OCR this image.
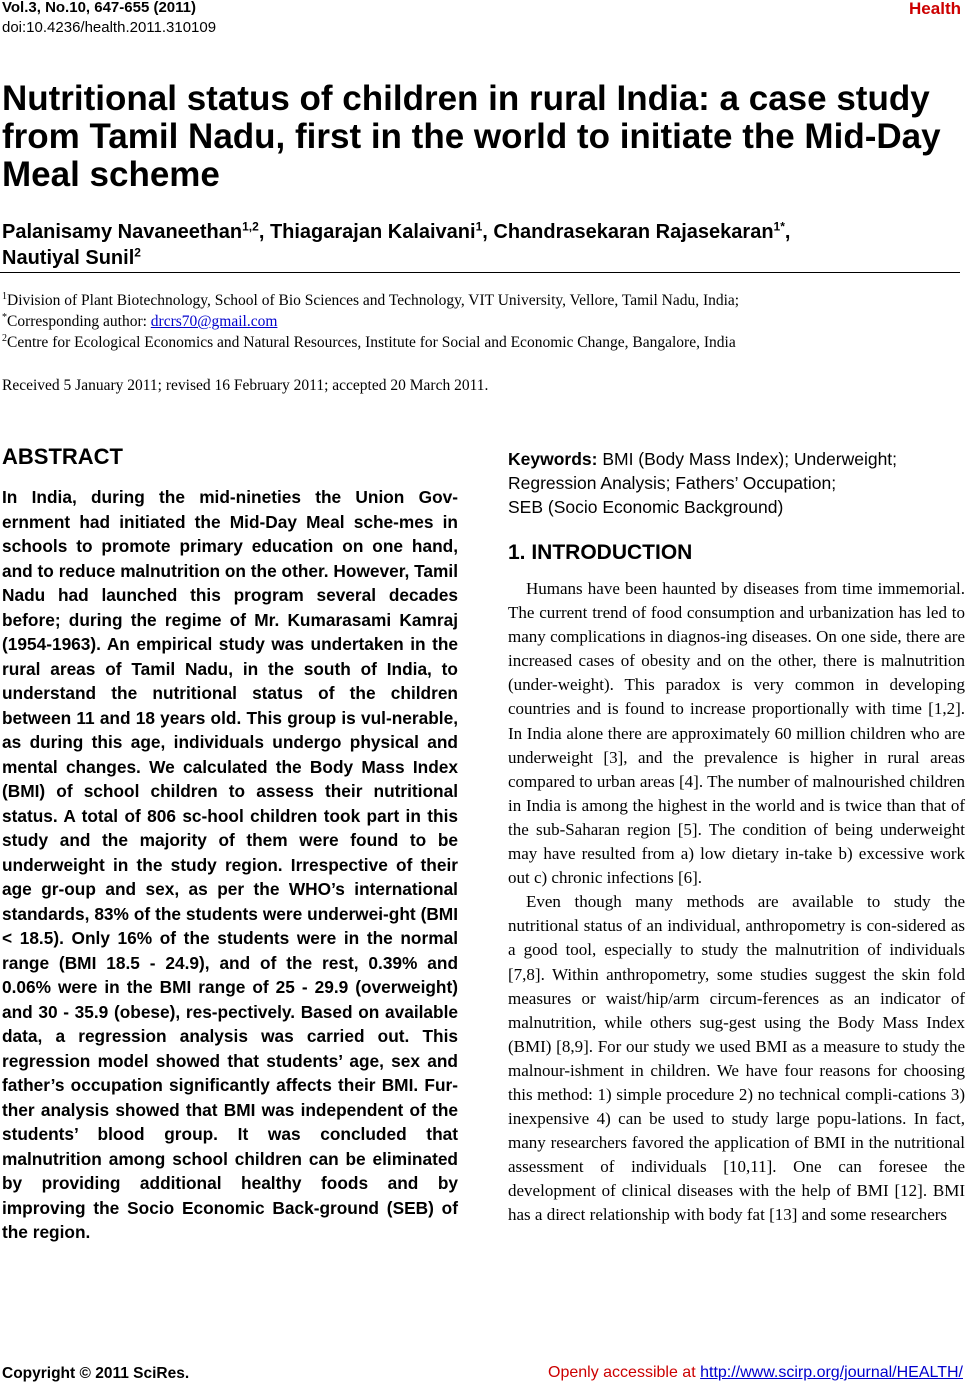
Vol.3, No.10, 647-655 (2011)
doi:10.4236/health.2011.310109
Health
Nutritional status of children in rural India: a case study from Tamil Nadu, first in the world to initiate the Mid-Day Meal scheme
Palanisamy Navaneethan$^{1,2}$, Thiagarajan Kalaivani$^1$, Chandrasekaran Rajasekaran$^{1*}$,
Nautiyal Sunil$^2$
$^1$Division of Plant Biotechnology, School of Bio Sciences and Technology, VIT University, Vellore, Tamil Nadu, India;
*Corresponding author: drcrs70@gmail.com
$^2$Centre for Ecological Economics and Natural Resources, Institute for Social and Economic Change, Bangalore, India
Received 5 January 2011; revised 16 February 2011; accepted 20 March 2011.
ABSTRACT

In India, during the mid-nineties the Union Gov-ernment had initiated the Mid-Day Meal sche-mes in schools to promote primary education on one hand, and to reduce malnutrition on the other. However, Tamil Nadu had launched this program several decades before; during the regime of Mr. Kumarasami Kamraj (1954-1963). An empirical study was undertaken in the rural areas of Tamil Nadu, in the south of India, to understand the nutritional status of the children between 11 and 18 years old. This group is vul-nerable, as during this age, individuals undergo physical and mental changes. We calculated the Body Mass Index (BMI) of school children to assess their nutritional status. A total of 806 sc-hool children took part in this study and the majority of them were found to be underweight in the study region. Irrespective of their age gr-oup and sex, as per the WHO’s international standards, 83% of the students were underwei-ght (BMI < 18.5). Only 16% of the students were in the normal range (BMI 18.5 - 24.9), and of the rest, 0.39% and 0.06% were in the BMI range of 25 - 29.9 (overweight) and 30 - 35.9 (obese), res-pectively. Based on available data, a regression analysis was carried out. This regression model showed that students’ age, sex and father’s occupation significantly affects their BMI. Fur-ther analysis showed that BMI was independent of the students’ blood group. It was concluded that malnutrition among school children can be eliminated by providing additional healthy foods and by improving the Socio Economic Back-ground (SEB) of the region.

Keywords: BMI (Body Mass Index); Underweight;
Regression Analysis; Fathers’ Occupation;
SEB (Socio Economic Background)
1. INTRODUCTION

Humans have been haunted by diseases from time immemorial. The current trend of food consumption and urbanization has led to many complications in diagnos-ing diseases. On one side, there are increased cases of obesity and on the other, there is malnutrition (under-weight). This paradox is very common in developing countries and is found to increase proportionally with time [1,2]. In India alone there are approximately 60 million children who are underweight [3], and the prevalence is higher in rural areas compared to urban areas [4]. The number of malnourished children in India is among the highest in the world and is twice than that of the sub-Saharan region [5]. The condition of being underweight may have resulted from a) low dietary in-take b) excessive work out c) chronic infections [6].

Even though many methods are available to study the nutritional status of an individual, anthropometry is con-sidered as a good tool, especially to study the malnutrition of individuals [7,8]. Within anthropometry, some studies suggest the skin fold measures or waist/hip/arm circum-ferences as an indicator of malnutrition, while others sug-gest using the Body Mass Index (BMI) [8,9]. For our study we used BMI as a measure to study the malnour-ishment in children. We have four reasons for choosing this method: 1) simple procedure 2) no technical compli-cations 3) inexpensive 4) can be used to study large popu-lations. In fact, many researchers favored the application of BMI in the nutritional assessment of individuals [10,11]. One can foresee the development of clinical diseases with the help of BMI [12]. BMI has a direct relationship with body fat [13] and some researchers

Copyright © 2011 SciRes.	Openly accessible at http://www.scirp.org/journal/HEALTH/
